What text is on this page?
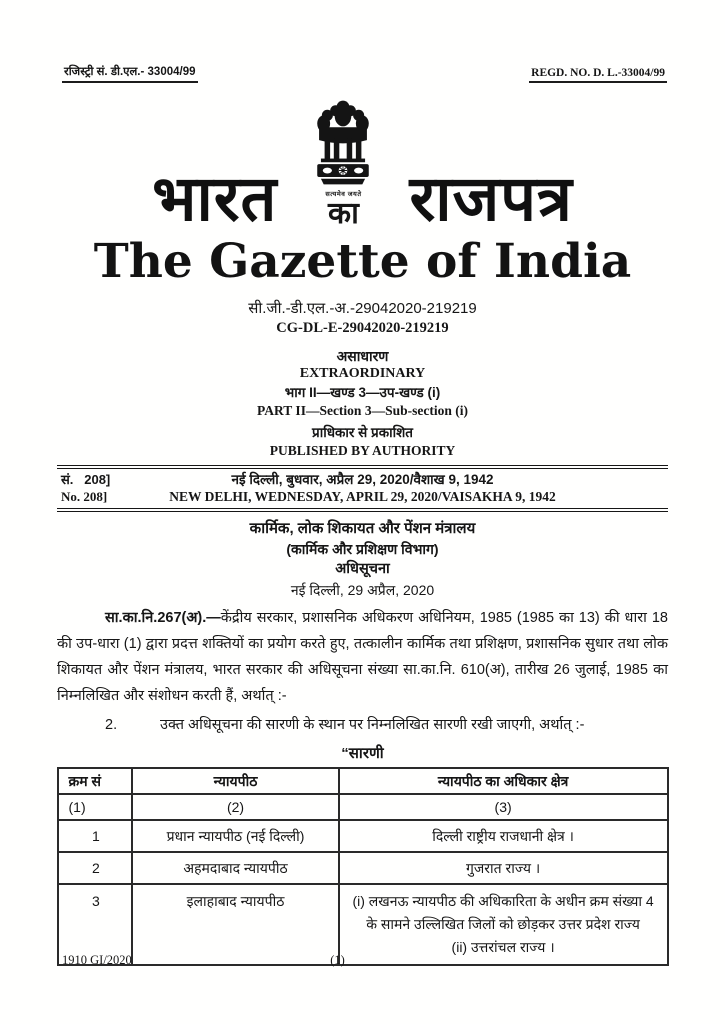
रजिस्ट्री सं. डी.एल.- 33004/99	REGD. NO. D. L.-33004/99
भारत	सत्यमेव जयते
का राजपत्र
The Gazette of India
सी.जी.-डी.एल.-अ.-29042020-219219
CG-DL-E-29042020-219219
असाधारण
EXTRAORDINARY
भाग II—खण्ड 3—उप-खण्ड (i)
PART II—Section 3—Sub-section (i)
प्राधिकार से प्रकाशित
PUBLISHED BY AUTHORITY
सं.   208]
No. 208]
नई दिल्ली, बुधवार, अप्रैल 29, 2020/वैशाख 9, 1942
NEW DELHI, WEDNESDAY, APRIL 29, 2020/VAISAKHA 9, 1942
कार्मिक, लोक शिकायत और पेंशन मंत्रालय
(कार्मिक और प्रशिक्षण विभाग)
अधिसूचना
नई दिल्ली, 29 अप्रैल, 2020

सा.का.नि.267(अ).—केंद्रीय सरकार, प्रशासनिक अधिकरण अधिनियम, 1985 (1985 का 13) की धारा 18 की उप-धारा (1) द्वारा प्रदत्त शक्तियों का प्रयोग करते हुए, तत्कालीन कार्मिक तथा प्रशिक्षण, प्रशासनिक सुधार तथा लोक शिकायत और पेंशन मंत्रालय, भारत सरकार की अधिसूचना संख्या सा.का.नि. 610(अ), तारीख 26 जुलाई, 1985 का निम्नलिखित और संशोधन करती हैं, अर्थात् :-

2.	उक्त अधिसूचना की सारणी के स्थान पर निम्नलिखित सारणी रखी जाएगी, अर्थात् :-

“सारणी
क्रम सं	न्यायपीठ	न्यायपीठ का अधिकार क्षेत्र
(1)	(2)	(3)
1	प्रधान न्यायपीठ (नई दिल्ली)	दिल्ली राष्ट्रीय राजधानी क्षेत्र ।

2	अहमदाबाद न्यायपीठ	गुजरात राज्य ।

3	इलाहाबाद न्यायपीठ	(i) लखनऊ न्यायपीठ की अधिकारिता के अधीन क्रम संख्या 4 के सामने उल्लिखित जिलों को छोड़कर उत्तर प्रदेश राज्य
(ii) उत्तरांचल राज्य ।
1910 GI/2020	(1)
